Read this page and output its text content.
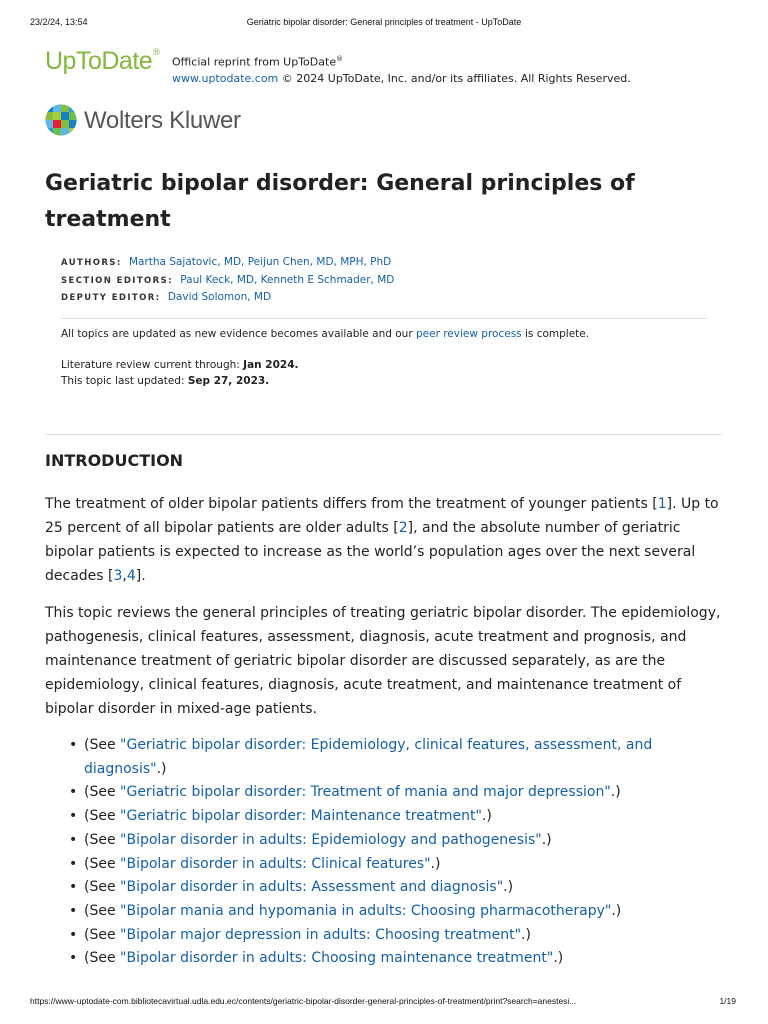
23/2/24, 13:54	Geriatric bipolar disorder: General principles of treatment - UpToDate
UpToDate®
Official reprint from UpToDate®
www.uptodate.com © 2024 UpToDate, Inc. and/or its affiliates. All Rights Reserved.
Wolters Kluwer
Geriatric bipolar disorder: General principles of treatment
AUTHORS: Martha Sajatovic, MD, Peijun Chen, MD, MPH, PhD
SECTION EDITORS: Paul Keck, MD, Kenneth E Schmader, MD
DEPUTY EDITOR: David Solomon, MD
All topics are updated as new evidence becomes available and our peer review process is complete.
Literature review current through: Jan 2024.
This topic last updated: Sep 27, 2023.
INTRODUCTION

The treatment of older bipolar patients differs from the treatment of younger patients [1]. Up to 25 percent of all bipolar patients are older adults [2], and the absolute number of geriatric bipolar patients is expected to increase as the world’s population ages over the next several decades [3,4].

This topic reviews the general principles of treating geriatric bipolar disorder. The epidemiology, pathogenesis, clinical features, assessment, diagnosis, acute treatment and prognosis, and maintenance treatment of geriatric bipolar disorder are discussed separately, as are the epidemiology, clinical features, diagnosis, acute treatment, and maintenance treatment of bipolar disorder in mixed-age patients.

• (See "Geriatric bipolar disorder: Epidemiology, clinical features, assessment, and diagnosis".)
• (See "Geriatric bipolar disorder: Treatment of mania and major depression".)
• (See "Geriatric bipolar disorder: Maintenance treatment".)
• (See "Bipolar disorder in adults: Epidemiology and pathogenesis".)
• (See "Bipolar disorder in adults: Clinical features".)
• (See "Bipolar disorder in adults: Assessment and diagnosis".)
• (See "Bipolar mania and hypomania in adults: Choosing pharmacotherapy".)
• (See "Bipolar major depression in adults: Choosing treatment".)
• (See "Bipolar disorder in adults: Choosing maintenance treatment".)
https://www-uptodate-com.bibliotecavirtual.udla.edu.ec/contents/geriatric-bipolar-disorder-general-principles-of-treatment/print?search=anestesi...	1/19
